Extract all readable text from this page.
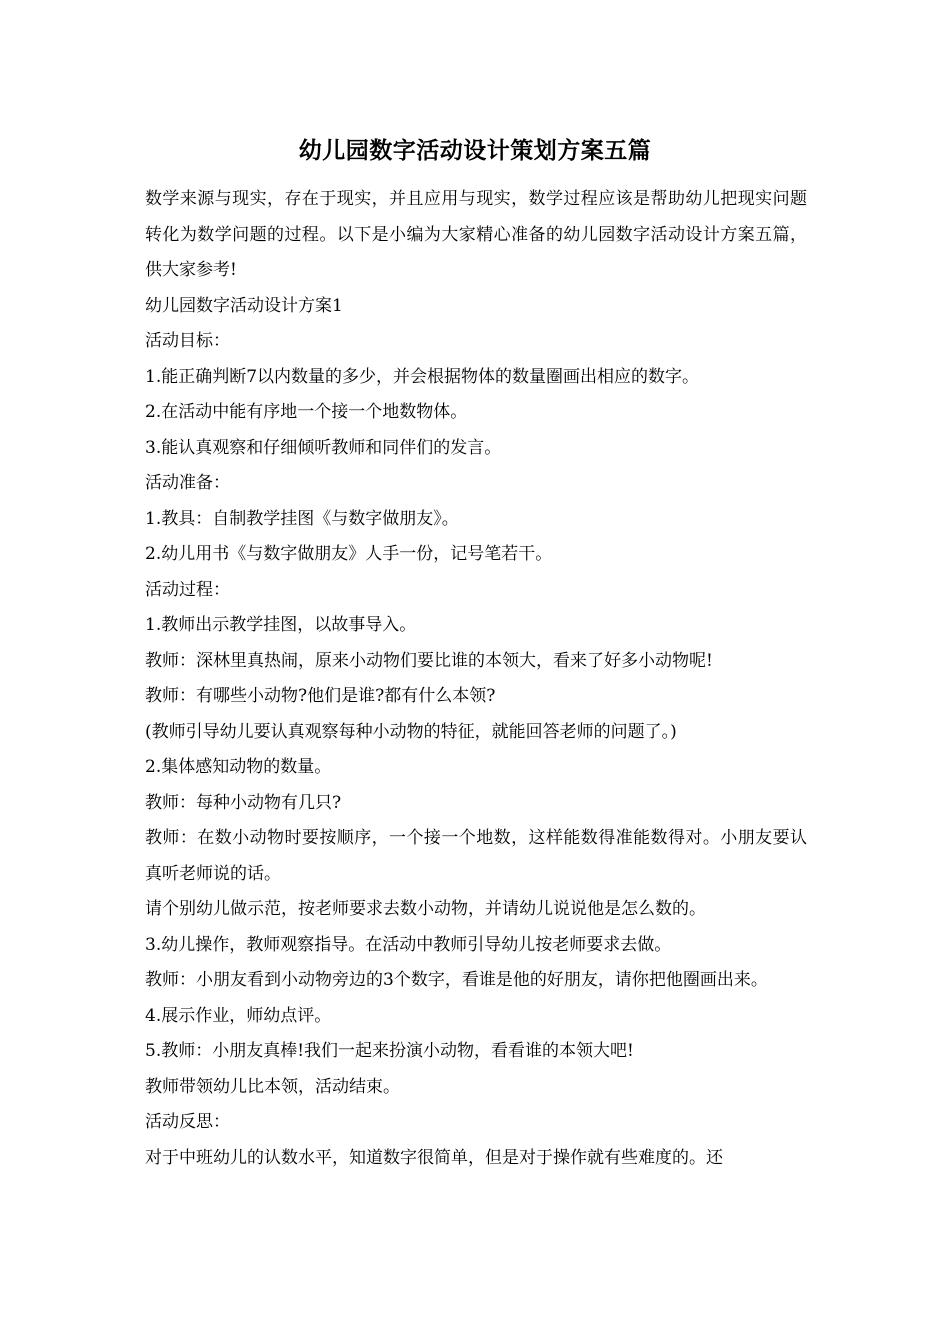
幼儿园数字活动设计策划方案五篇

数学来源与现实，存在于现实，并且应用与现实，数学过程应该是帮助幼儿把现实问题转化为数学问题的过程。以下是小编为大家精心准备的幼儿园数字活动设计方案五篇，供大家参考!

幼儿园数字活动设计方案1

活动目标：

1.能正确判断7以内数量的多少，并会根据物体的数量圈画出相应的数字。

2.在活动中能有序地一个接一个地数物体。

3.能认真观察和仔细倾听教师和同伴们的发言。

活动准备：

1.教具：自制教学挂图《与数字做朋友》。

2.幼儿用书《与数字做朋友》人手一份，记号笔若干。

活动过程：

1.教师出示教学挂图，以故事导入。

教师：深林里真热闹，原来小动物们要比谁的本领大，看来了好多小动物呢!

教师：有哪些小动物?他们是谁?都有什么本领?

(教师引导幼儿要认真观察每种小动物的特征，就能回答老师的问题了。)

2.集体感知动物的数量。

教师：每种小动物有几只?

教师：在数小动物时要按顺序，一个接一个地数，这样能数得准能数得对。小朋友要认真听老师说的话。

请个别幼儿做示范，按老师要求去数小动物，并请幼儿说说他是怎么数的。

3.幼儿操作，教师观察指导。在活动中教师引导幼儿按老师要求去做。

教师：小朋友看到小动物旁边的3个数字，看谁是他的好朋友，请你把他圈画出来。

4.展示作业，师幼点评。

5.教师：小朋友真棒!我们一起来扮演小动物，看看谁的本领大吧!

教师带领幼儿比本领，活动结束。

活动反思：

对于中班幼儿的认数水平，知道数字很简单，但是对于操作就有些难度的。还
